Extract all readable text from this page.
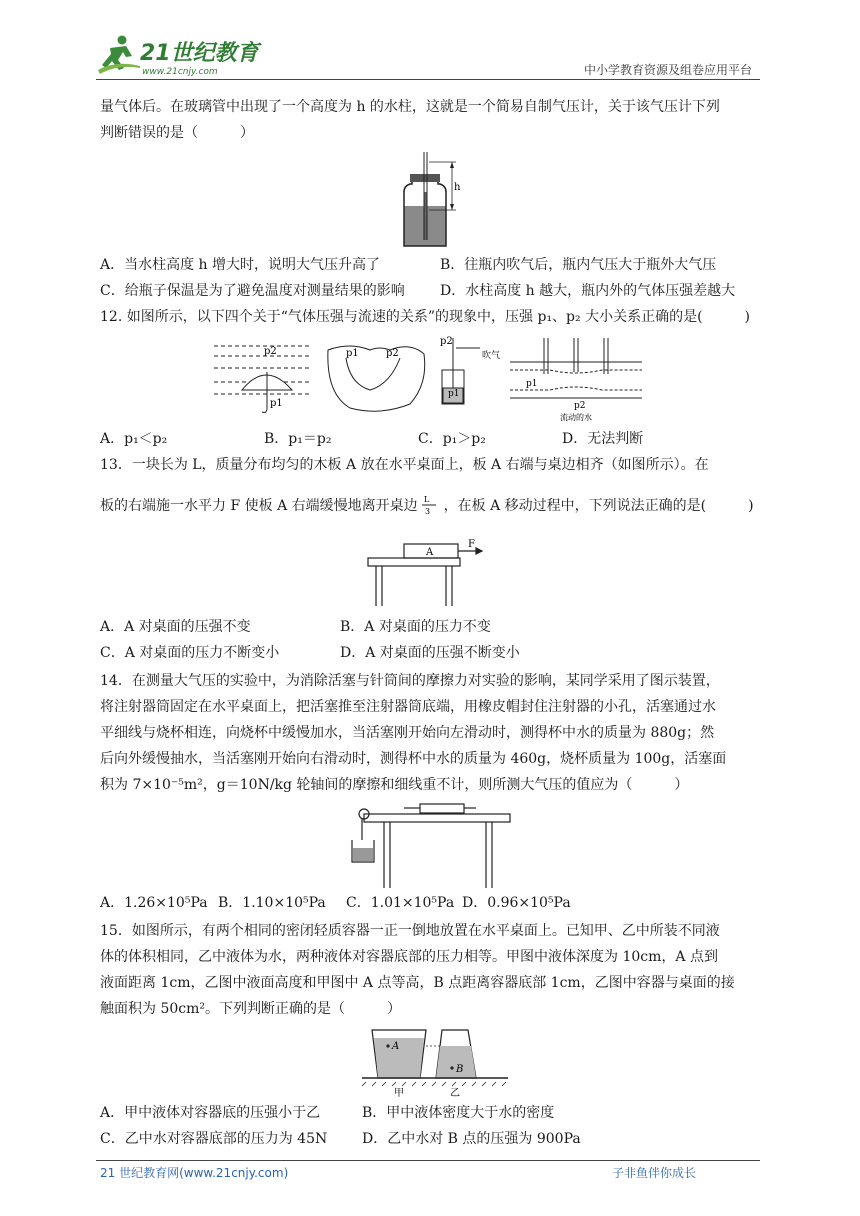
21世纪教育
www.21cnjy.com	中小学教育资源及组卷应用平台
量气体后。在玻璃管中出现了一个高度为 h 的水柱，这就是一个简易自制气压计，关于该气压计下列
判断错误的是（　　　）
h
A．当水柱高度 h 增大时，说明大气压升高了	B．往瓶内吹气后，瓶内气压大于瓶外大气压
C．给瓶子保温是为了避免温度对测量结果的影响	D．水柱高度 h 越大，瓶内外的气体压强差越大
12. 如图所示，以下四个关于“气体压强与流速的关系”的现象中，压强 p₁、p₂ 大小关系正确的是(　　　)
p2
p1
p1	p2
p2
p1
吹气
p1
p2
流动的水
A．p₁＜p₂	B．p₁＝p₂	C．p₁＞p₂	D．无法判断
13．一块长为 L，质量分布均匀的木板 A 放在水平桌面上，板 A 右端与桌边相齐（如图所示）。在
板的右端施一水平力 F 使板 A 右端缓慢地离开桌边 L
3 ，在板 A 移动过程中，下列说法正确的是(　　　)
A
F
A．A 对桌面的压强不变	B．A 对桌面的压力不变
C．A 对桌面的压力不断变小	D．A 对桌面的压强不断变小
14．在测量大气压的实验中，为消除活塞与针筒间的摩擦力对实验的影响，某同学采用了图示装置，
将注射器筒固定在水平桌面上，把活塞推至注射器筒底端，用橡皮帽封住注射器的小孔，活塞通过水
平细线与烧杯相连，向烧杯中缓慢加水，当活塞刚开始向左滑动时，测得杯中水的质量为 880g；然
后向外缓慢抽水，当活塞刚开始向右滑动时，测得杯中水的质量为 460g，烧杯质量为 100g，活塞面
积为 7×10⁻⁵m²，g＝10N/kg 轮轴间的摩擦和细线重不计，则所测大气压的值应为（　　　）
A．1.26×10⁵Pa B．1.10×10⁵Pa C．1.01×10⁵Pa D．0.96×10⁵Pa
15．如图所示，有两个相同的密闭轻质容器一正一倒地放置在水平桌面上。已知甲、乙中所装不同液
体的体积相同，乙中液体为水，两种液体对容器底部的压力相等。甲图中液体深度为 10cm，A 点到
液面距离 1cm，乙图中液面高度和甲图中 A 点等高，B 点距离容器底部 1cm，乙图中容器与桌面的接
触面积为 50cm²。下列判断正确的是（　　　）
A
B
甲	乙
A．甲中液体对容器底的压强小于乙	B．甲中液体密度大于水的密度
C．乙中水对容器底部的压力为 45N D．乙中水对 B 点的压强为 900Pa
21 世纪教育网(www.21cnjy.com)	子非鱼伴你成长
